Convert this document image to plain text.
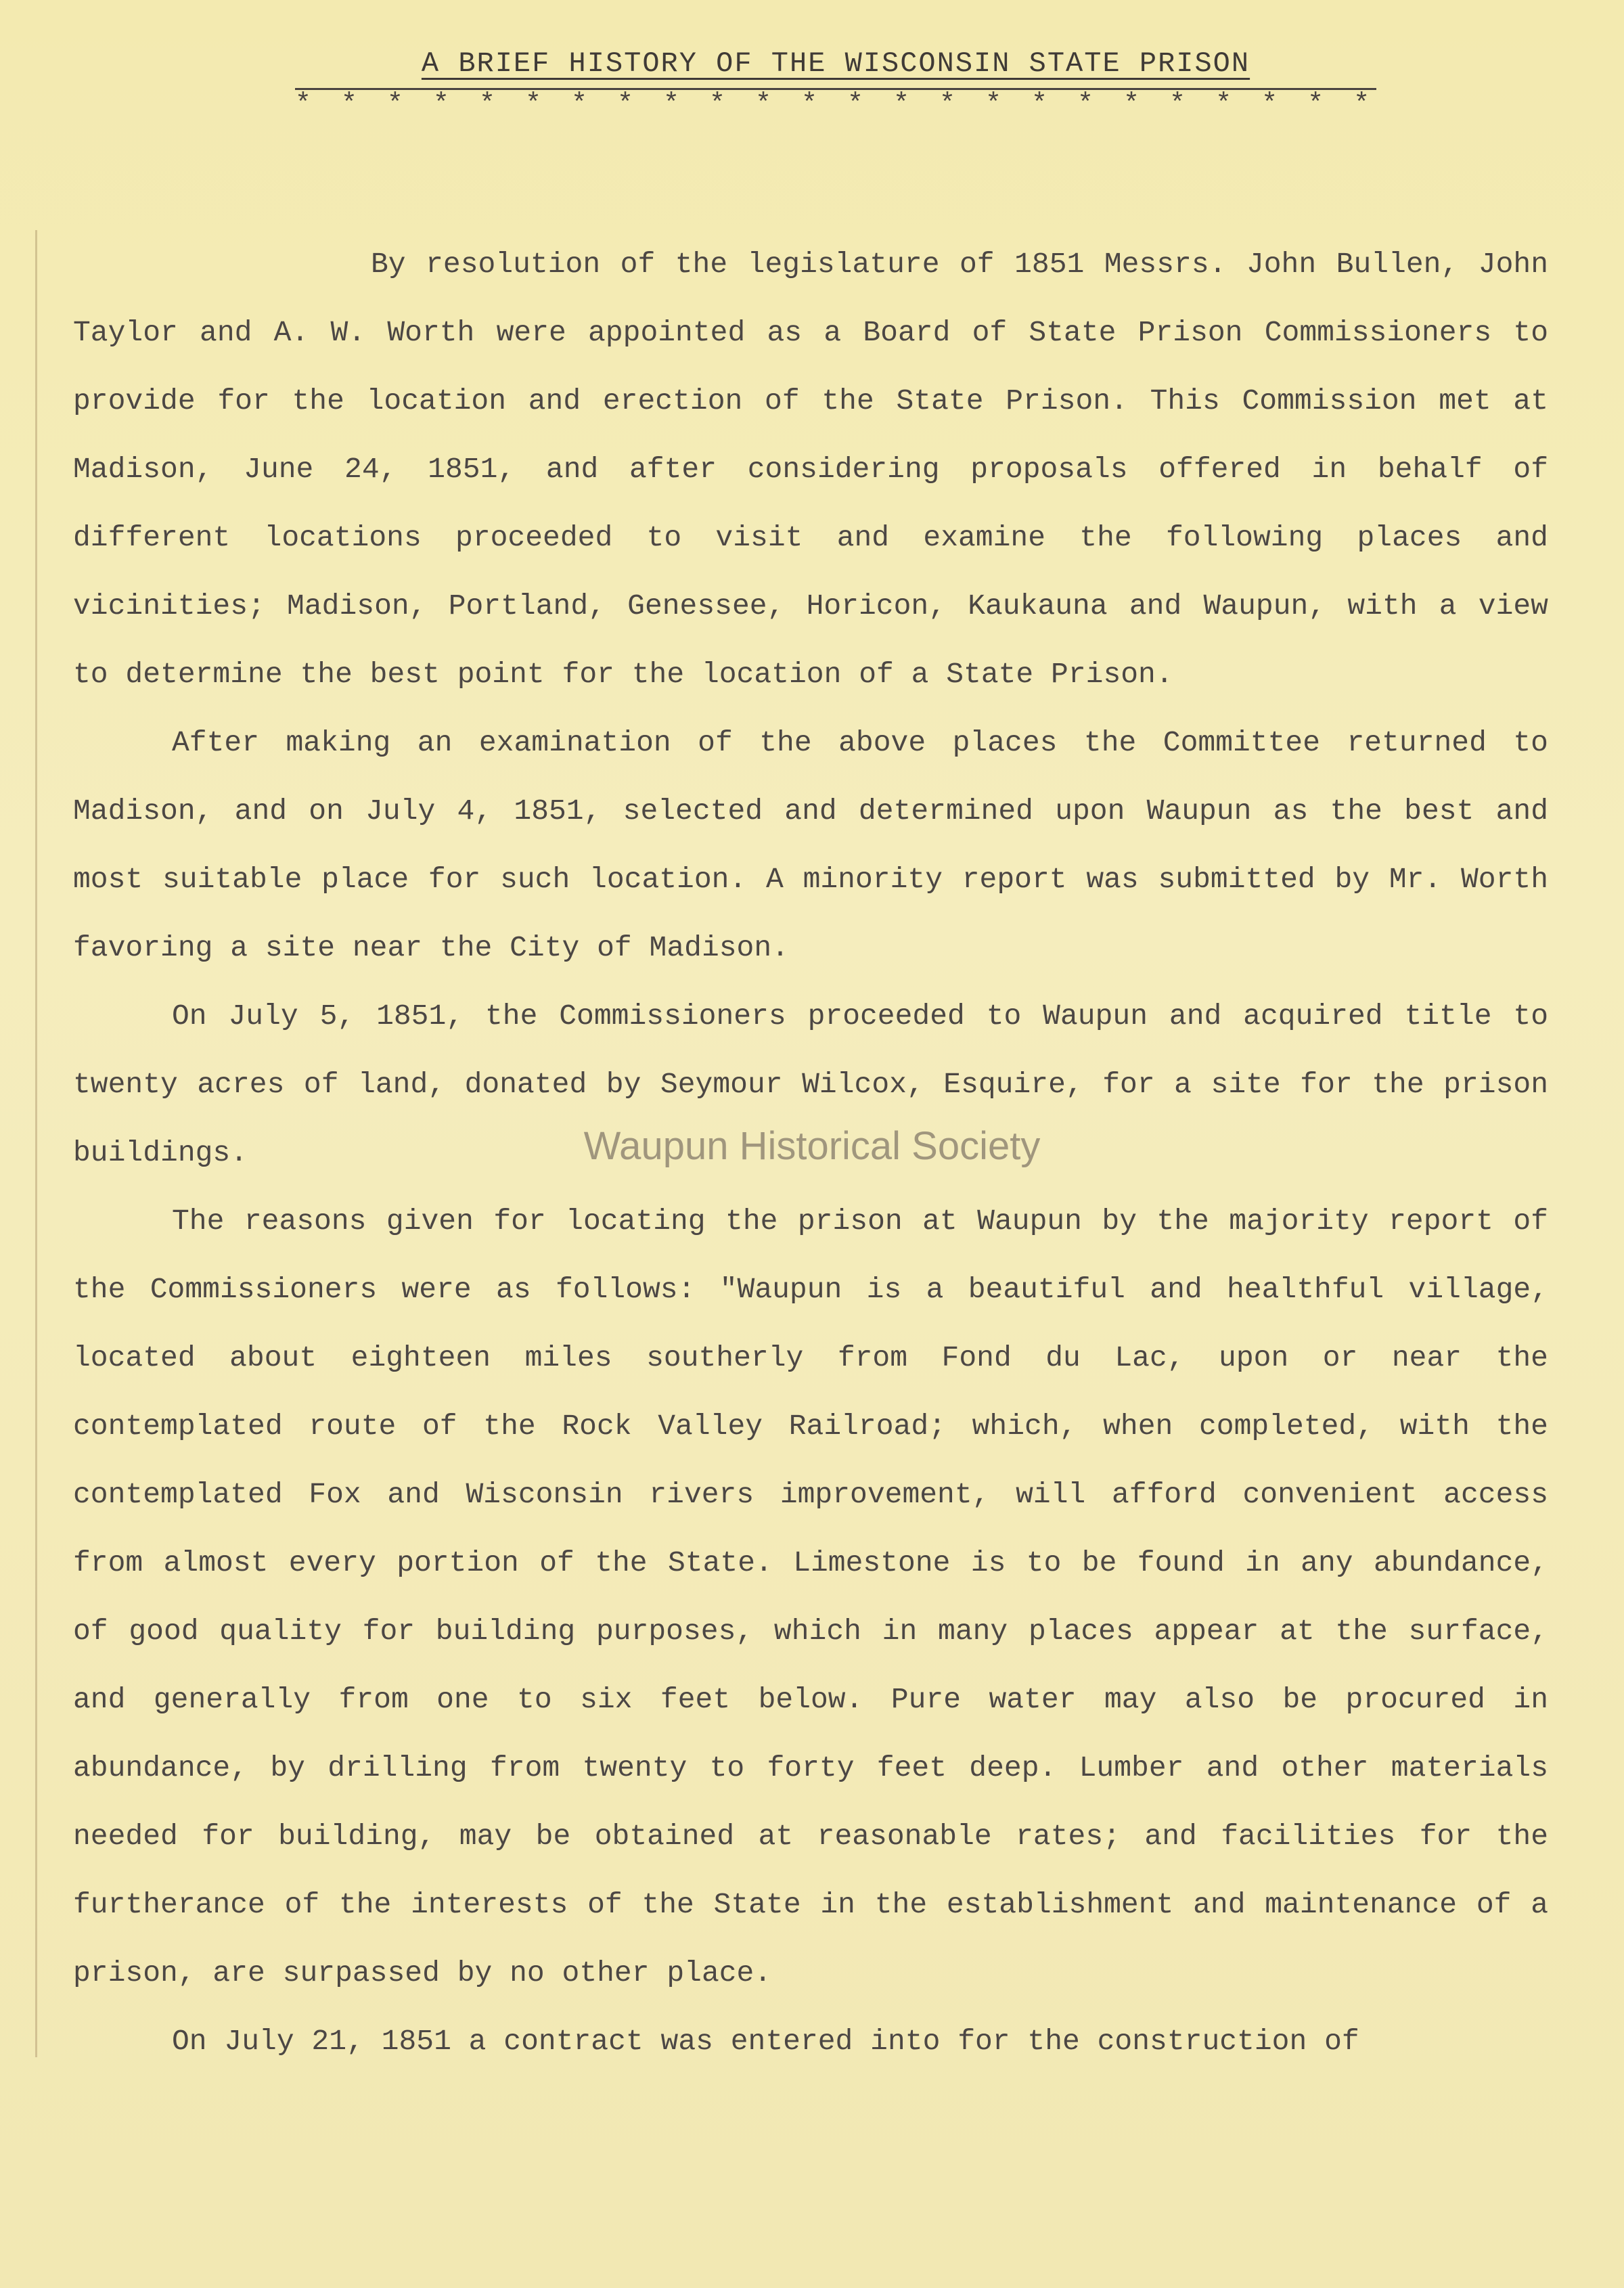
A BRIEF HISTORY OF THE WISCONSIN STATE PRISON
* * * * * * * * * * * * * * * * * * * * * * * *

By resolution of the legislature of 1851 Messrs. John Bullen, John Taylor and A. W. Worth were appointed as a Board of State Prison Commissioners to provide for the location and erection of the State Prison. This Commission met at Madison, June 24, 1851, and after considering proposals offered in behalf of different locations proceeded to visit and examine the following places and vicinities; Madison, Portland, Genessee, Horicon, Kaukauna and Waupun, with a view to determine the best point for the location of a State Prison.

After making an examination of the above places the Committee returned to Madison, and on July 4, 1851, selected and determined upon Waupun as the best and most suitable place for such location. A minority report was submitted by Mr. Worth favoring a site near the City of Madison.

On July 5, 1851, the Commissioners proceeded to Waupun and acquired title to twenty acres of land, donated by Seymour Wilcox, Esquire, for a site for the prison buildings.

The reasons given for locating the prison at Waupun by the majority report of the Commissioners were as follows: "Waupun is a beautiful and healthful village, located about eighteen miles southerly from Fond du Lac, upon or near the contemplated route of the Rock Valley Railroad; which, when completed, with the contemplated Fox and Wisconsin rivers improvement, will afford convenient access from almost every portion of the State. Limestone is to be found in any abundance, of good quality for building purposes, which in many places appear at the surface, and generally from one to six feet below. Pure water may also be procured in abundance, by drilling from twenty to forty feet deep. Lumber and other materials needed for building, may be obtained at reasonable rates; and facilities for the furtherance of the interests of the State in the establishment and maintenance of a prison, are surpassed by no other place.

On July 21, 1851 a contract was entered into for the construction of

Waupun Historical Society
